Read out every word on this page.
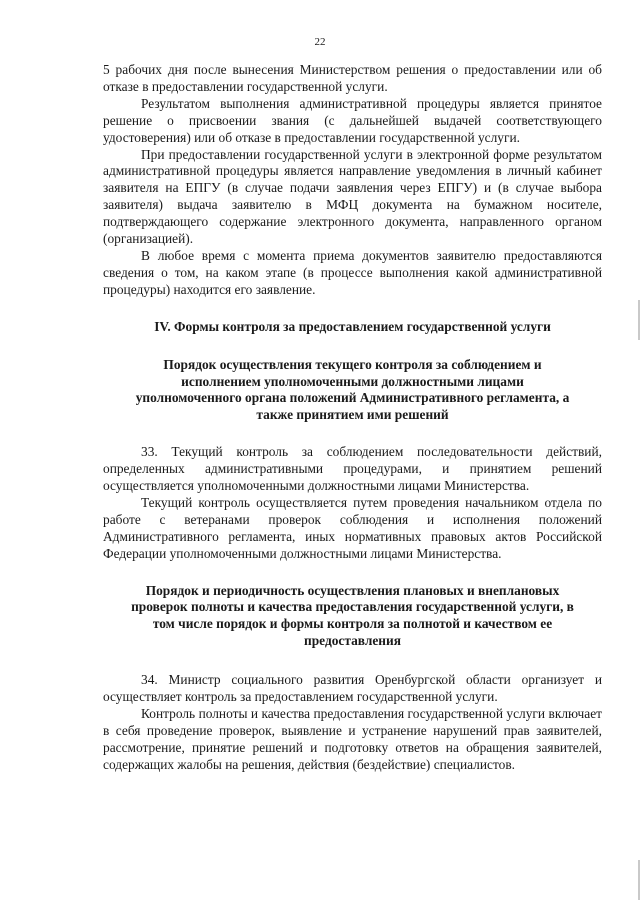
22

5 рабочих дня после вынесения Министерством решения о предоставлении или об отказе в предоставлении государственной услуги.

Результатом выполнения административной процедуры является принятое решение о присвоении звания (с дальнейшей выдачей соответствующего удостоверения) или об отказе в предоставлении государственной услуги.

При предоставлении государственной услуги в электронной форме результатом административной процедуры является направление уведомления в личный кабинет заявителя на ЕПГУ (в случае подачи заявления через ЕПГУ) и (в случае выбора заявителя) выдача заявителю в МФЦ документа на бумажном носителе, подтверждающего содержание электронного документа, направленного органом (организацией).

В любое время с момента приема документов заявителю предоставляются сведения о том, на каком этапе (в процессе выполнения какой административной процедуры) находится его заявление.

IV. Формы контроля за предоставлением государственной услуги
Порядок осуществления текущего контроля за соблюдением и
исполнением уполномоченными должностными лицами
уполномоченного органа положений Административного регламента, а
также принятием ими решений

33. Текущий контроль за соблюдением последовательности действий, определенных административными процедурами, и принятием решений осуществляется уполномоченными должностными лицами Министерства.

Текущий контроль осуществляется путем проведения начальником отдела по работе с ветеранами проверок соблюдения и исполнения положений Административного регламента, иных нормативных правовых актов Российской Федерации уполномоченными должностными лицами Министерства.

Порядок и периодичность осуществления плановых и внеплановых
проверок полноты и качества предоставления государственной услуги, в
том числе порядок и формы контроля за полнотой и качеством ее
предоставления

34. Министр социального развития Оренбургской области организует и осуществляет контроль за предоставлением государственной услуги.

Контроль полноты и качества предоставления государственной услуги включает в себя проведение проверок, выявление и устранение нарушений прав заявителей, рассмотрение, принятие решений и подготовку ответов на обращения заявителей, содержащих жалобы на решения, действия (бездействие) специалистов.
